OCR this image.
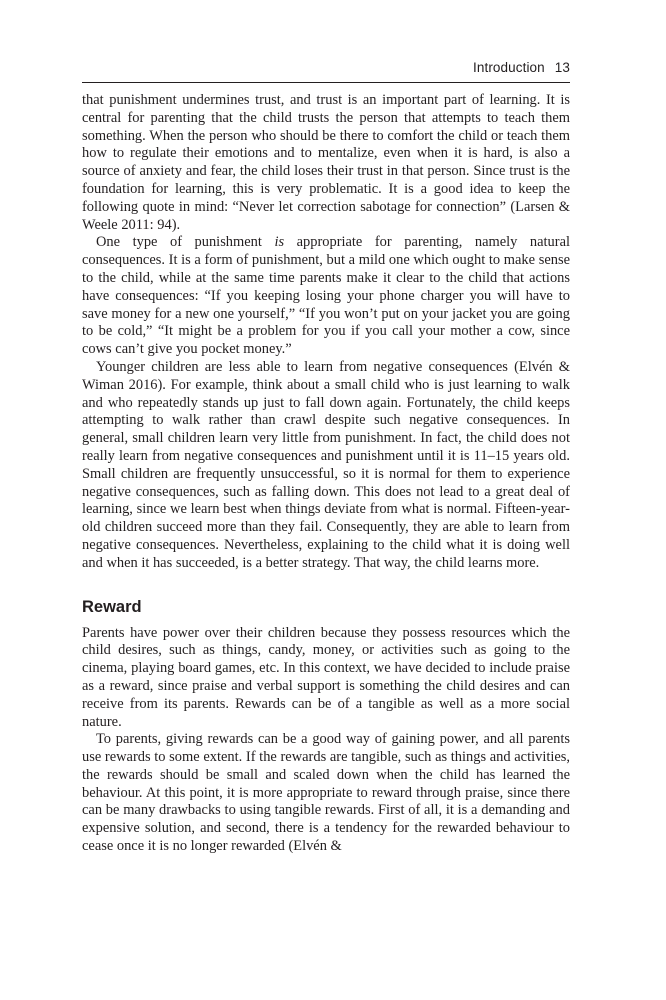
Introduction 13

that punishment undermines trust, and trust is an important part of learning. It is central for parenting that the child trusts the person that attempts to teach them something. When the person who should be there to comfort the child or teach them how to regulate their emotions and to mentalize, even when it is hard, is also a source of anxiety and fear, the child loses their trust in that person. Since trust is the foundation for learning, this is very problematic. It is a good idea to keep the following quote in mind: “Never let correction sabotage for connection” (Larsen & Weele 2011: 94).

One type of punishment is appropriate for parenting, namely natural consequences. It is a form of punishment, but a mild one which ought to make sense to the child, while at the same time parents make it clear to the child that actions have consequences: “If you keeping losing your phone charger you will have to save money for a new one yourself,” “If you won’t put on your jacket you are going to be cold,” “It might be a problem for you if you call your mother a cow, since cows can’t give you pocket money.”

Younger children are less able to learn from negative consequences (Elvén & Wiman 2016). For example, think about a small child who is just learning to walk and who repeatedly stands up just to fall down again. Fortunately, the child keeps attempting to walk rather than crawl despite such negative consequences. In general, small children learn very little from punishment. In fact, the child does not really learn from negative consequences and punishment until it is 11–15 years old. Small children are frequently unsuccessful, so it is normal for them to experience negative consequences, such as falling down. This does not lead to a great deal of learning, since we learn best when things deviate from what is normal. Fifteen-year-old children succeed more than they fail. Consequently, they are able to learn from negative consequences. Nevertheless, explaining to the child what it is doing well and when it has succeeded, is a better strategy. That way, the child learns more.

Reward

Parents have power over their children because they possess resources which the child desires, such as things, candy, money, or activities such as going to the cinema, playing board games, etc. In this context, we have decided to include praise as a reward, since praise and verbal support is something the child desires and can receive from its parents. Rewards can be of a tangible as well as a more social nature.

To parents, giving rewards can be a good way of gaining power, and all parents use rewards to some extent. If the rewards are tangible, such as things and activities, the rewards should be small and scaled down when the child has learned the behaviour. At this point, it is more appropriate to reward through praise, since there can be many drawbacks to using tangible rewards. First of all, it is a demanding and expensive solution, and second, there is a tendency for the rewarded behaviour to cease once it is no longer rewarded (Elvén &
